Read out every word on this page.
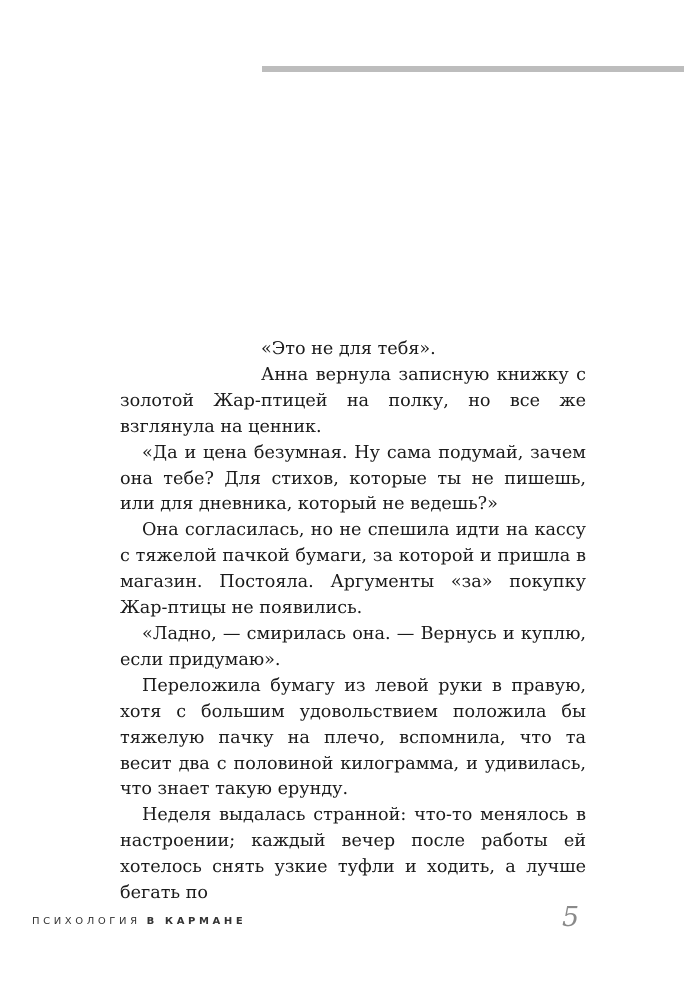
«Это не для тебя».

Анна вернула записную книжку с золотой Жар-птицей на полку, но все же взглянула на ценник.

«Да и цена безумная. Ну сама подумай, зачем она тебе? Для стихов, которые ты не пишешь, или для дневника, который не ведешь?»

Она согласилась, но не спешила идти на кассу с тяжелой пачкой бумаги, за которой и пришла в магазин. Постояла. Аргументы «за» покупку Жар-птицы не появились.

«Ладно, — смирилась она. — Вернусь и куплю, если придумаю».

Переложила бумагу из левой руки в правую, хотя с большим удовольствием положила бы тяжелую пачку на плечо, вспомнила, что та весит два с половиной килограмма, и удивилась, что знает такую ерунду.

Неделя выдалась странной: что-то менялось в настроении; каждый вечер после работы ей хотелось снять узкие туфли и ходить, а лучше бегать по

ПСИХОЛОГИЯ В КАРМАНЕ	5
